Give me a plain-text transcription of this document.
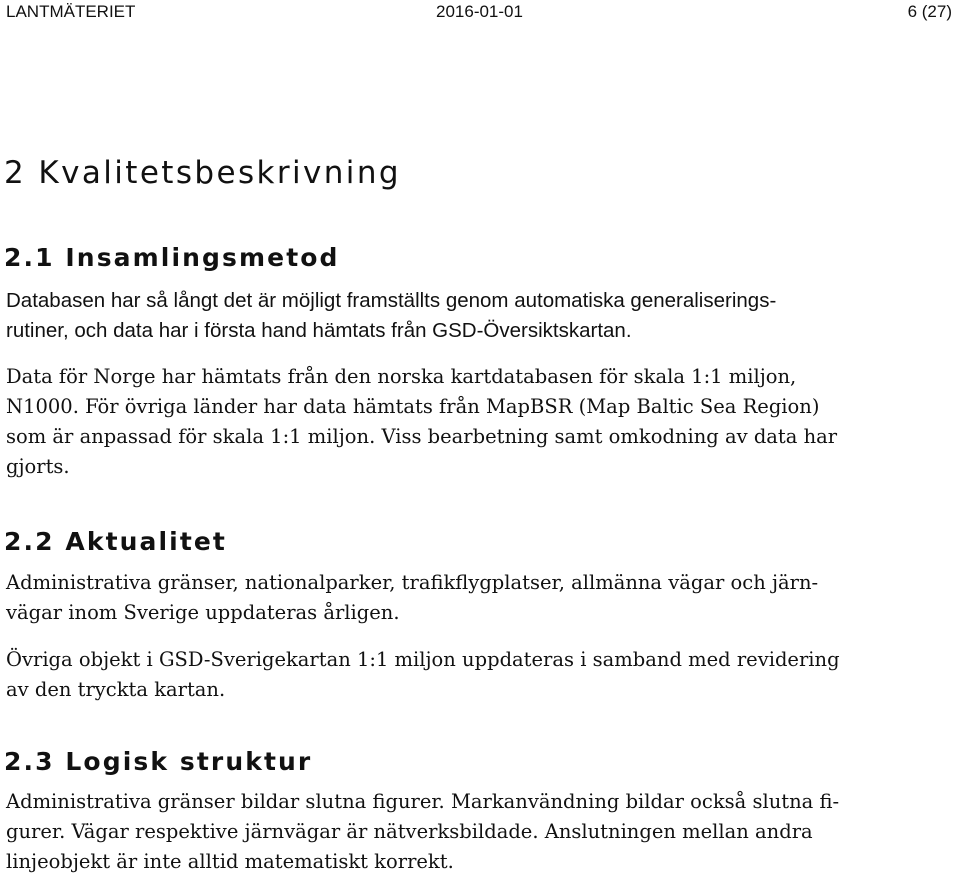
LANTMÄTERIET	2016-01-01	6 (27)
2 Kvalitetsbeskrivning
2.1 Insamlingsmetod

Databasen har så långt det är möjligt framställts genom automatiska generaliserings-
rutiner, och data har i första hand hämtats från GSD-Översiktskartan.

Data för Norge har hämtats från den norska kartdatabasen för skala 1:1 miljon,
N1000. För övriga länder har data hämtats från MapBSR (Map Baltic Sea Region)
som är anpassad för skala 1:1 miljon. Viss bearbetning samt omkodning av data har
gjorts.

2.2 Aktualitet

Administrativa gränser, nationalparker, trafikflygplatser, allmänna vägar och järn-
vägar inom Sverige uppdateras årligen.

Övriga objekt i GSD-Sverigekartan 1:1 miljon uppdateras i samband med revidering
av den tryckta kartan.

2.3 Logisk struktur

Administrativa gränser bildar slutna figurer. Markanvändning bildar också slutna fi-
gurer. Vägar respektive järnvägar är nätverksbildade. Anslutningen mellan andra
linjeobjekt är inte alltid matematiskt korrekt.
